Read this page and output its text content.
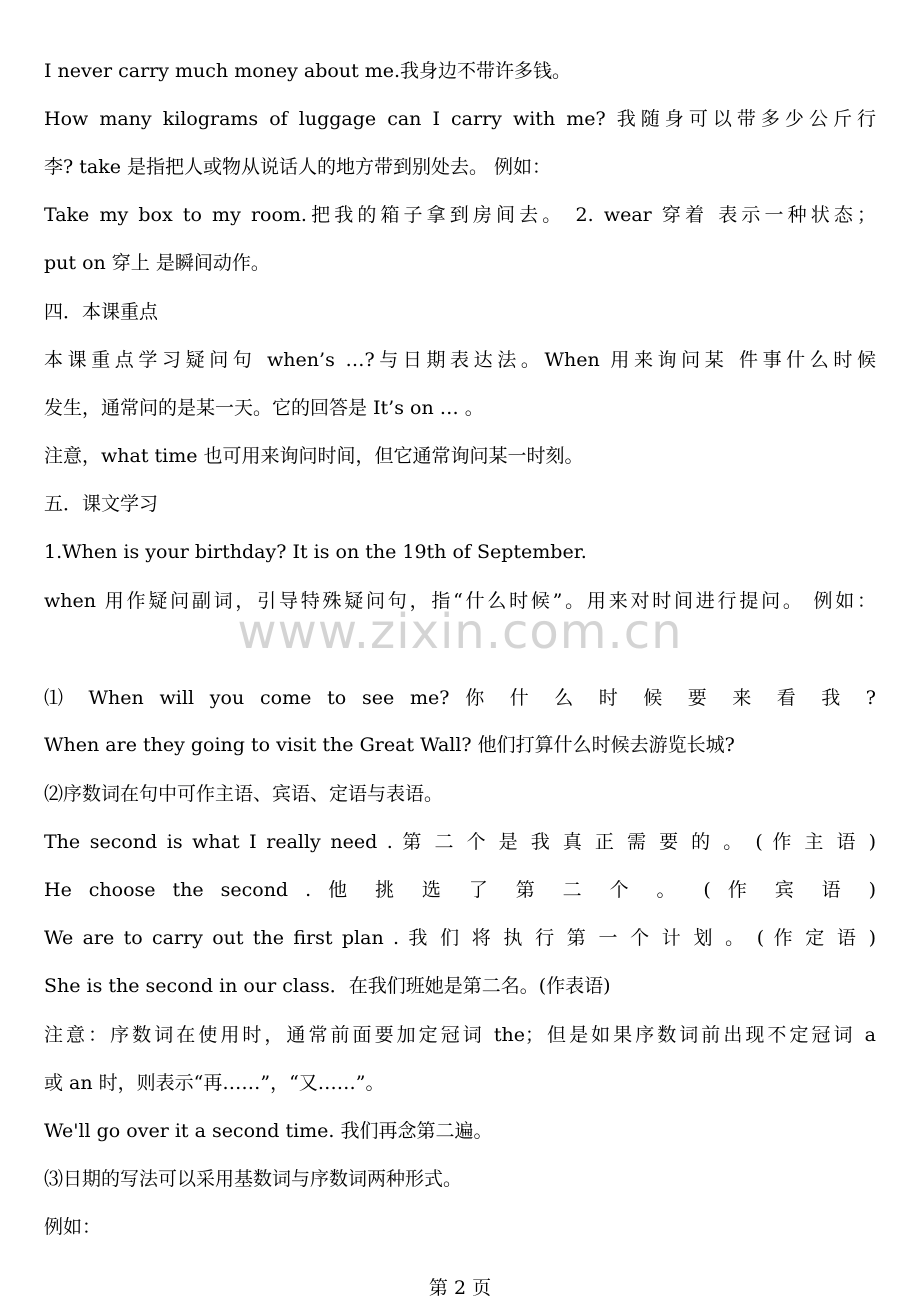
I never carry much money about me.我身边不带许多钱。
How many kilograms of luggage can I carry with me? 我随身可以带多少公斤行
李? take 是指把人或物从说话人的地方带到别处去。 例如：
Take my box to my room.把我的箱子拿到房间去。 2. wear 穿着 表示一种状态；
put on 穿上 是瞬间动作。
四．本课重点
本课重点学习疑问句 when’s …?与日期表达法。When 用来询问某 件事什么时候
发生，通常问的是某一天。它的回答是 It’s on … 。
注意，what time 也可用来询问时间，但它通常询问某一时刻。
五．课文学习
1.When is your birthday? It is on the 19th of September.
when 用作疑问副词，引导特殊疑问句，指“什么时候”。用来对时间进行提问。 例如：
www.zixin.com.cn
⑴ When will you come to see me? 你 什 么 时 候 要 来 看 我 ?
When are they going to visit the Great Wall? 他们打算什么时候去游览长城?
⑵序数词在句中可作主语、宾语、定语与表语。
The second is what I really need . 第 二 个 是 我 真 正 需 要 的 。 ( 作 主 语 )
He choose the second . 他 挑 选 了 第 二 个 。 ( 作 宾 语 )
We are to carry out the first plan . 我 们 将 执 行 第 一 个 计 划 。 ( 作 定 语 )
She is the second in our class．在我们班她是第二名。(作表语)
注意：序数词在使用时，通常前面要加定冠词 the；但是如果序数词前出现不定冠词 a
或 an 时，则表示“再……”，“又……”。
We'll go over it a second time. 我们再念第二遍。
⑶日期的写法可以采用基数词与序数词两种形式。
例如：
第 2 页
